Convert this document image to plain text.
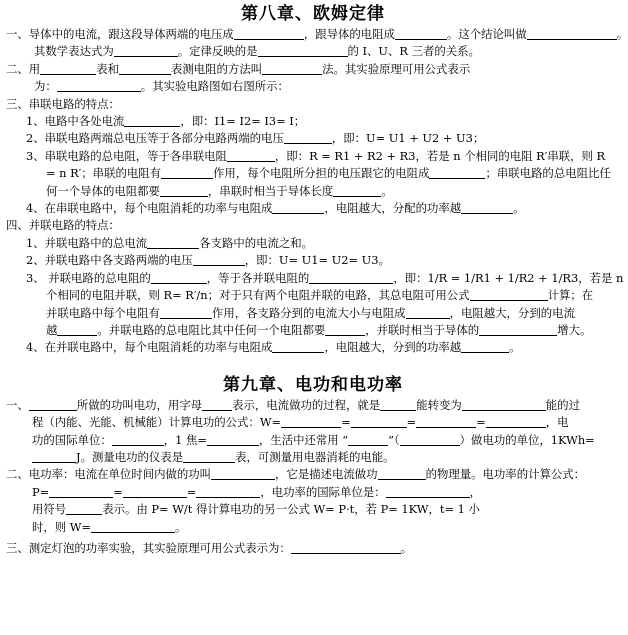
第八章、欧姆定律
一、导体中的电流，跟这段导体两端的电压成	，跟导体的电阻成	。这个结论叫做	。
其数学表达式为	。定律反映的是	的 I、U、R 三者的关系。
二、用	表和	表测电阻的方法叫	法。其实验原理可用公式表示
为：	。其实验电路图如右图所示：
三、串联电路的特点：
1、电路中各处电流	，即：I1= I2= I3= I；
2、串联电路两端总电压等于各部分电路两端的电压	，即：U= U1 + U2 + U3；
3、串联电路的总电阻，等于各串联电阻	，即：R = R1 + R2 + R3，若是 n 个相同的电阻 R′串联，则 R
= n R′；串联的电阻有	作用，每个电阻所分担的电压跟它的电阻成	；串联电路的总电阻比任
何一个导体的电阻都要	，串联时相当于导体长度	。
4、在串联电路中，每个电阻消耗的功率与电阻成	，电阻越大，分配的功率越	。
四、并联电路的特点：
1、并联电路中的总电流	各支路中的电流之和。
2、并联电路中各支路两端的电压	，即：U= U1= U2= U3。
3、 并联电路的总电阻的	，等于各并联电阻的	，即：1/R = 1/R1 + 1/R2 + 1/R3，若是 n
个相同的电阻并联，则 R= R′/n；对于只有两个电阻并联的电路，其总电阻可用公式	计算；在
并联电路中每个电阻有	作用，各支路分到的电流大小与电阻成	，电阻越大，分到的电流
越	。并联电路的总电阻比其中任何一个电阻都要	，并联时相当于导体的	增大。
4、在并联电路中，每个电阻消耗的功率与电阻成	，电阻越大，分到的功率越	。
第九章、电功和电功率
一、	所做的功叫电功，用字母	表示，电流做功的过程，就是	能转变为	能的过
程（内能、光能、机械能）计算电功的公式：W=	=	=	=	，电
功的国际单位：	，1 焦=	，生活中还常用 “	”（	）做电功的单位，1KWh=
J。测量电功的仪表是	表，可测量用电器消耗的电能。
二、电功率：电流在单位时间内做的功叫	，它是描述电流做功	的物理量。电功率的计算公式：
P=	=	=	，电功率的国际单位是：	，
用符号	表示。由 P= W/t 得计算电功的另一公式 W= P·t，若 P= 1KW，t= 1 小
时，则 W=	。
三、测定灯泡的功率实验，其实验原理可用公式表示为：	。
